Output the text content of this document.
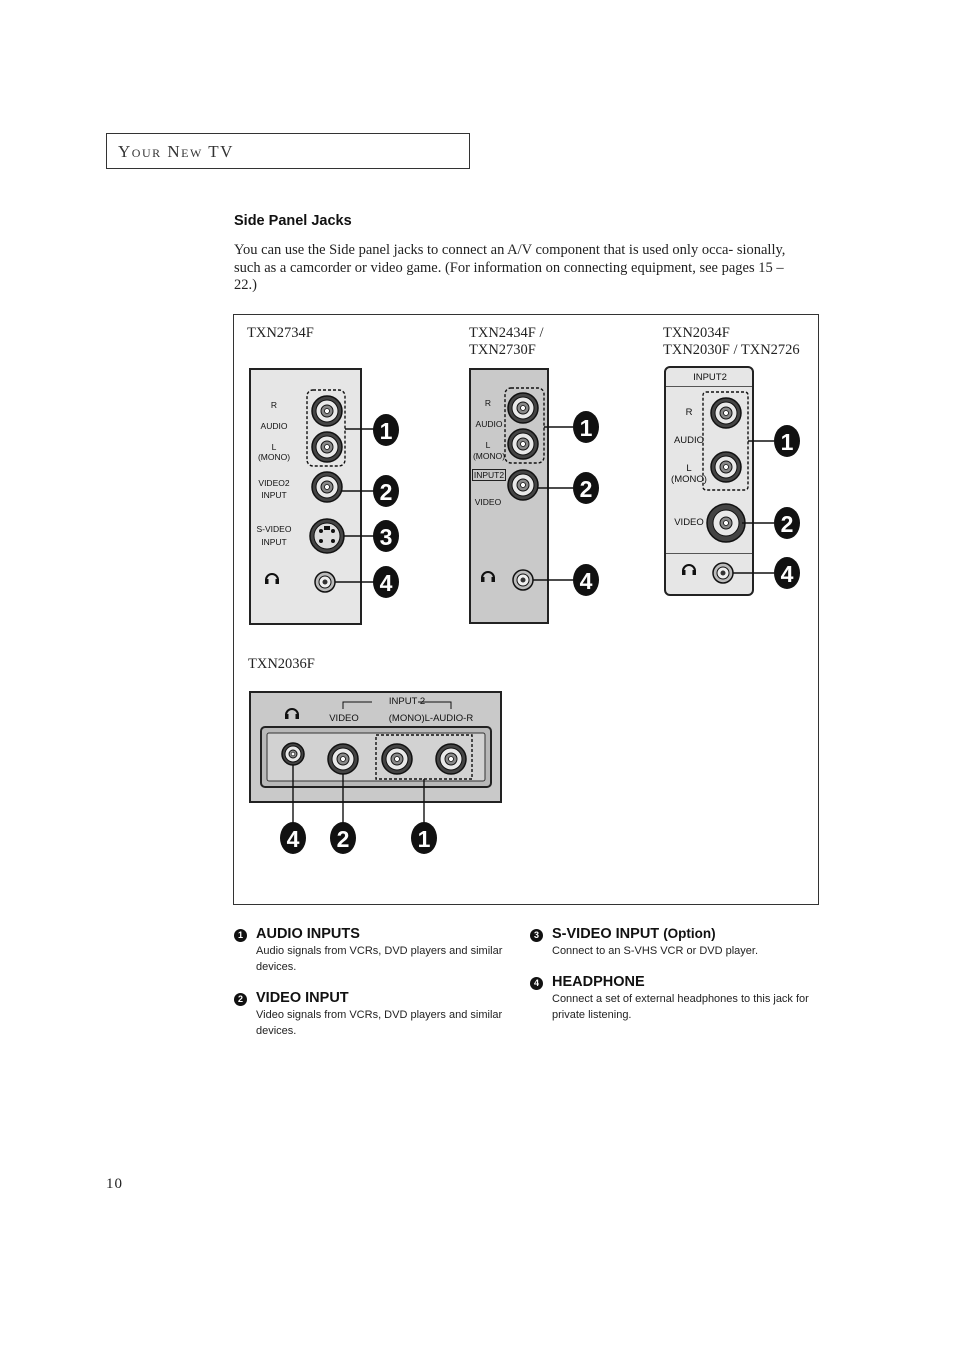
Your New TV
Side Panel Jacks
You can use the Side panel jacks to connect an A/V component that is used only occa- sionally, such as a camcorder or video game. (For information on connecting equipment, see pages 15 – 22.)
TXN2734F	TXN2434F /
TXN2730F
TXN2034F
TXN2030F / TXN2726
TXN2036F
R
AUDIO
L
(MONO)
VIDEO2
INPUT
S-VIDEO
INPUT
R
AUDIO
L
(MONO)
INPUT2
VIDEO
INPUT2
R
AUDIO
L
(MONO)
VIDEO
INPUT 2
VIDEO	(MONO)L-AUDIO-R
1
2
3
4
1
2
4
1
2
4
4 2	1
1 AUDIO INPUTS
Audio signals from VCRs, DVD players and similar devices.
2 VIDEO INPUT
Video signals from VCRs, DVD players and similar devices.
3 S-VIDEO INPUT (Option)
Connect to an S-VHS VCR or DVD player.
4 HEADPHONE
Connect a set of external headphones to this jack for private listening.
10
